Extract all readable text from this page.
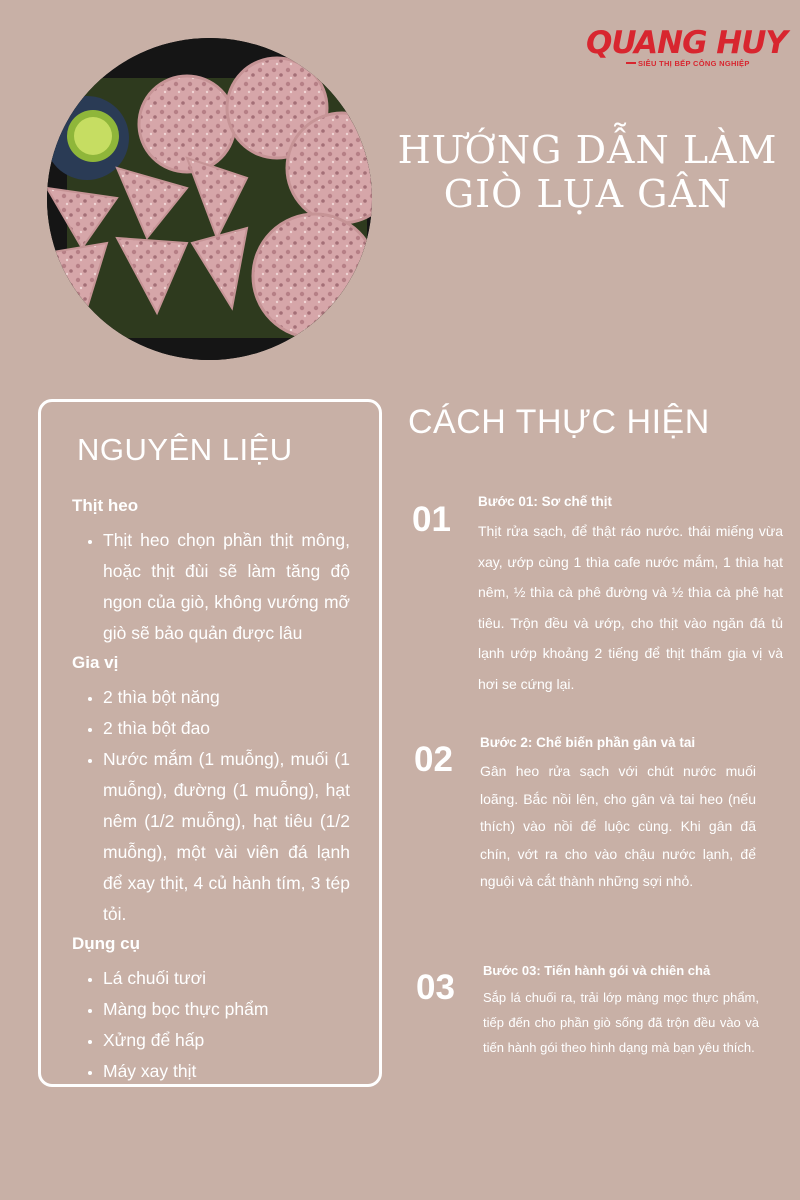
QUANG HUY
SIÊU THỊ BẾP CÔNG NGHIỆP
HƯỚNG DẪN LÀM
GIÒ LỤA GÂN
NGUYÊN LIỆU
Thịt heo
• Thịt heo chọn phần thịt mông, hoặc thịt đùi sẽ làm tăng độ ngon của giò, không vướng mỡ giò sẽ bảo quản được lâu
Gia vị
• 2 thìa bột năng
• 2 thìa bột đao
• Nước mắm (1 muỗng), muối (1 muỗng), đường (1 muỗng), hạt nêm (1/2 muỗng), hạt tiêu (1/2 muỗng), một vài viên đá lạnh để xay thịt, 4 củ hành tím, 3 tép tỏi.
Dụng cụ
• Lá chuối tươi
• Màng bọc thực phẩm
• Xửng để hấp
• Máy xay thịt
CÁCH THỰC HIỆN
01 Bước 01: Sơ chế thịt

Thịt rửa sạch, để thật ráo nước. thái miếng vừa xay, ướp cùng 1 thìa cafe nước mắm, 1 thìa hạt nêm, ½ thìa cà phê đường và ½ thìa cà phê hạt tiêu. Trộn đều và ướp, cho thịt vào ngăn đá tủ lạnh ướp khoảng 2 tiếng để thịt thấm gia vị và hơi se cứng lại.

02 Bước 2: Chế biến phần gân và tai

Gân heo rửa sạch với chút nước muối loãng. Bắc nồi lên, cho gân và tai heo (nếu thích) vào nồi để luộc cùng. Khi gân đã chín, vớt ra cho vào chậu nước lạnh, để nguội và cắt thành những sợi nhỏ.

03 Bước 03: Tiến hành gói và chiên chả

Sắp lá chuối ra, trải lớp màng mọc thực phẩm, tiếp đến cho phần giò sống đã trộn đều vào và tiến hành gói theo hình dạng mà bạn yêu thích.
